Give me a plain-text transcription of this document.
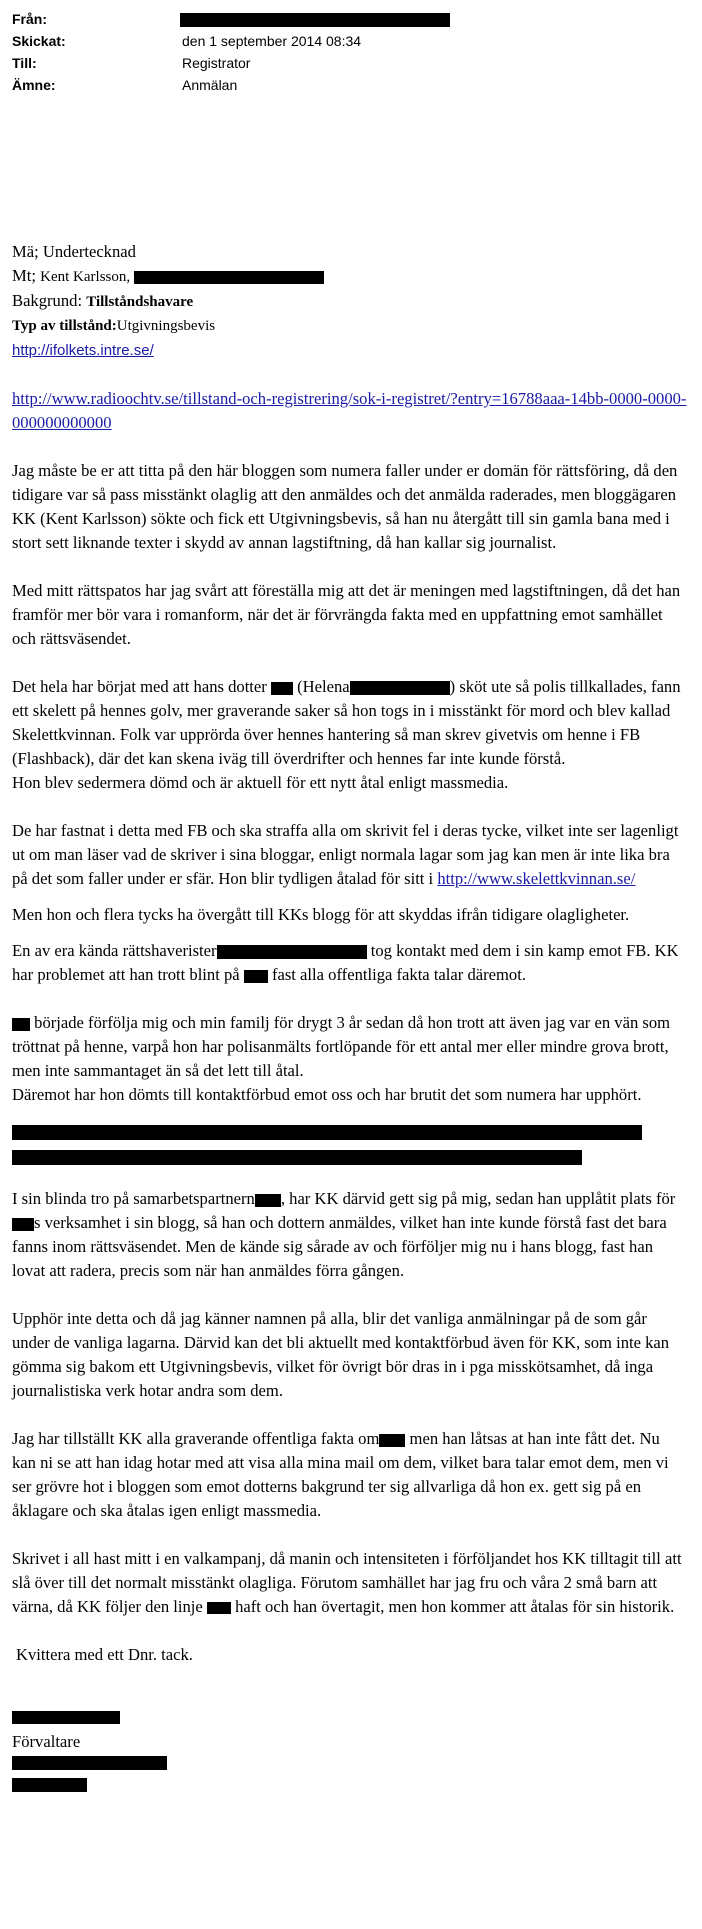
Från:
Skickat:	den 1 september 2014 08:34
Till:	Registrator
Ämne:	Anmälan

Mä; Undertecknad

Mt; Kent Karlsson,

Bakgrund: Tillståndshavare

Typ av tillstånd:Utgivningsbevis

http://ifolkets.intre.se/

http://www.radioochtv.se/tillstand-och-registrering/sok-i-registret/?entry=16788aaa-14bb-0000-0000-000000000000

Jag måste be er att titta på den här bloggen som numera faller under er domän för rättsföring, då den tidigare var så pass misstänkt olaglig att den anmäldes och det anmälda raderades, men bloggägaren KK (Kent Karlsson) sökte och fick ett Utgivningsbevis, så han nu återgått till sin gamla bana med i stort sett liknande texter i skydd av annan lagstiftning, då han kallar sig journalist.

Med mitt rättspatos har jag svårt att föreställa mig att det är meningen med lagstiftningen, då det han framför mer bör vara i romanform, när det är förvrängda fakta med en uppfattning emot samhället och rättsväsendet.

Det hela har börjat med att hans dotter (Helena	) sköt ute så polis tillkallades, fann ett skelett på hennes golv, mer graverande saker så hon togs in i misstänkt för mord och blev kallad Skelettkvinnan. Folk var upprörda över hennes hantering så man skrev givetvis om henne i FB (Flashback), där det kan skena iväg till överdrifter och hennes far inte kunde förstå.

Hon blev sedermera dömd och är aktuell för ett nytt åtal enligt massmedia.

De har fastnat i detta med FB och ska straffa alla om skrivit fel i deras tycke, vilket inte ser lagenligt ut om man läser vad de skriver i sina bloggar, enligt normala lagar som jag kan men är inte lika bra på det som faller under er sfär. Hon blir tydligen åtalad för sitt i http://www.skelettkvinnan.se/

Men hon och flera tycks ha övergått till KKs blogg för att skyddas ifrån tidigare olagligheter.

En av era kända rättshaverister	tog kontakt med dem i sin kamp emot FB. KK har problemet att han trott blint på fast alla offentliga fakta talar däremot.

började förfölja mig och min familj för drygt 3 år sedan då hon trott att även jag var en vän som tröttnat på henne, varpå hon har polisanmälts fortlöpande för ett antal mer eller mindre grova brott, men inte sammantaget än så det lett till åtal.

Däremot har hon dömts till kontaktförbud emot oss och har brutit det som numera har upphört.

I sin blinda tro på samarbetspartnern , har KK därvid gett sig på mig, sedan han upplåtit plats för s verksamhet i sin blogg, så han och dottern anmäldes, vilket han inte kunde förstå fast det bara fanns inom rättsväsendet. Men de kände sig sårade av och förföljer mig nu i hans blogg, fast han lovat att radera, precis som när han anmäldes förra gången.

Upphör inte detta och då jag känner namnen på alla, blir det vanliga anmälningar på de som går under de vanliga lagarna. Därvid kan det bli aktuellt med kontaktförbud även för KK, som inte kan gömma sig bakom ett Utgivningsbevis, vilket för övrigt bör dras in i pga misskötsamhet, då inga journalistiska verk hotar andra som dem.

Jag har tillställt KK alla graverande offentliga fakta om men han låtsas at han inte fått det. Nu kan ni se att han idag hotar med att visa alla mina mail om dem, vilket bara talar emot dem, men vi ser grövre hot i bloggen som emot dotterns bakgrund ter sig allvarliga då hon ex. gett sig på en åklagare och ska åtalas igen enligt massmedia.

Skrivet i all hast mitt i en valkampanj, då manin och intensiteten i förföljandet hos KK tilltagit till att slå över till det normalt misstänkt olagliga. Förutom samhället har jag fru och våra 2 små barn att värna, då KK följer den linje haft och han övertagit, men hon kommer att åtalas för sin historik.

Kvittera med ett Dnr. tack.

Förvaltare
